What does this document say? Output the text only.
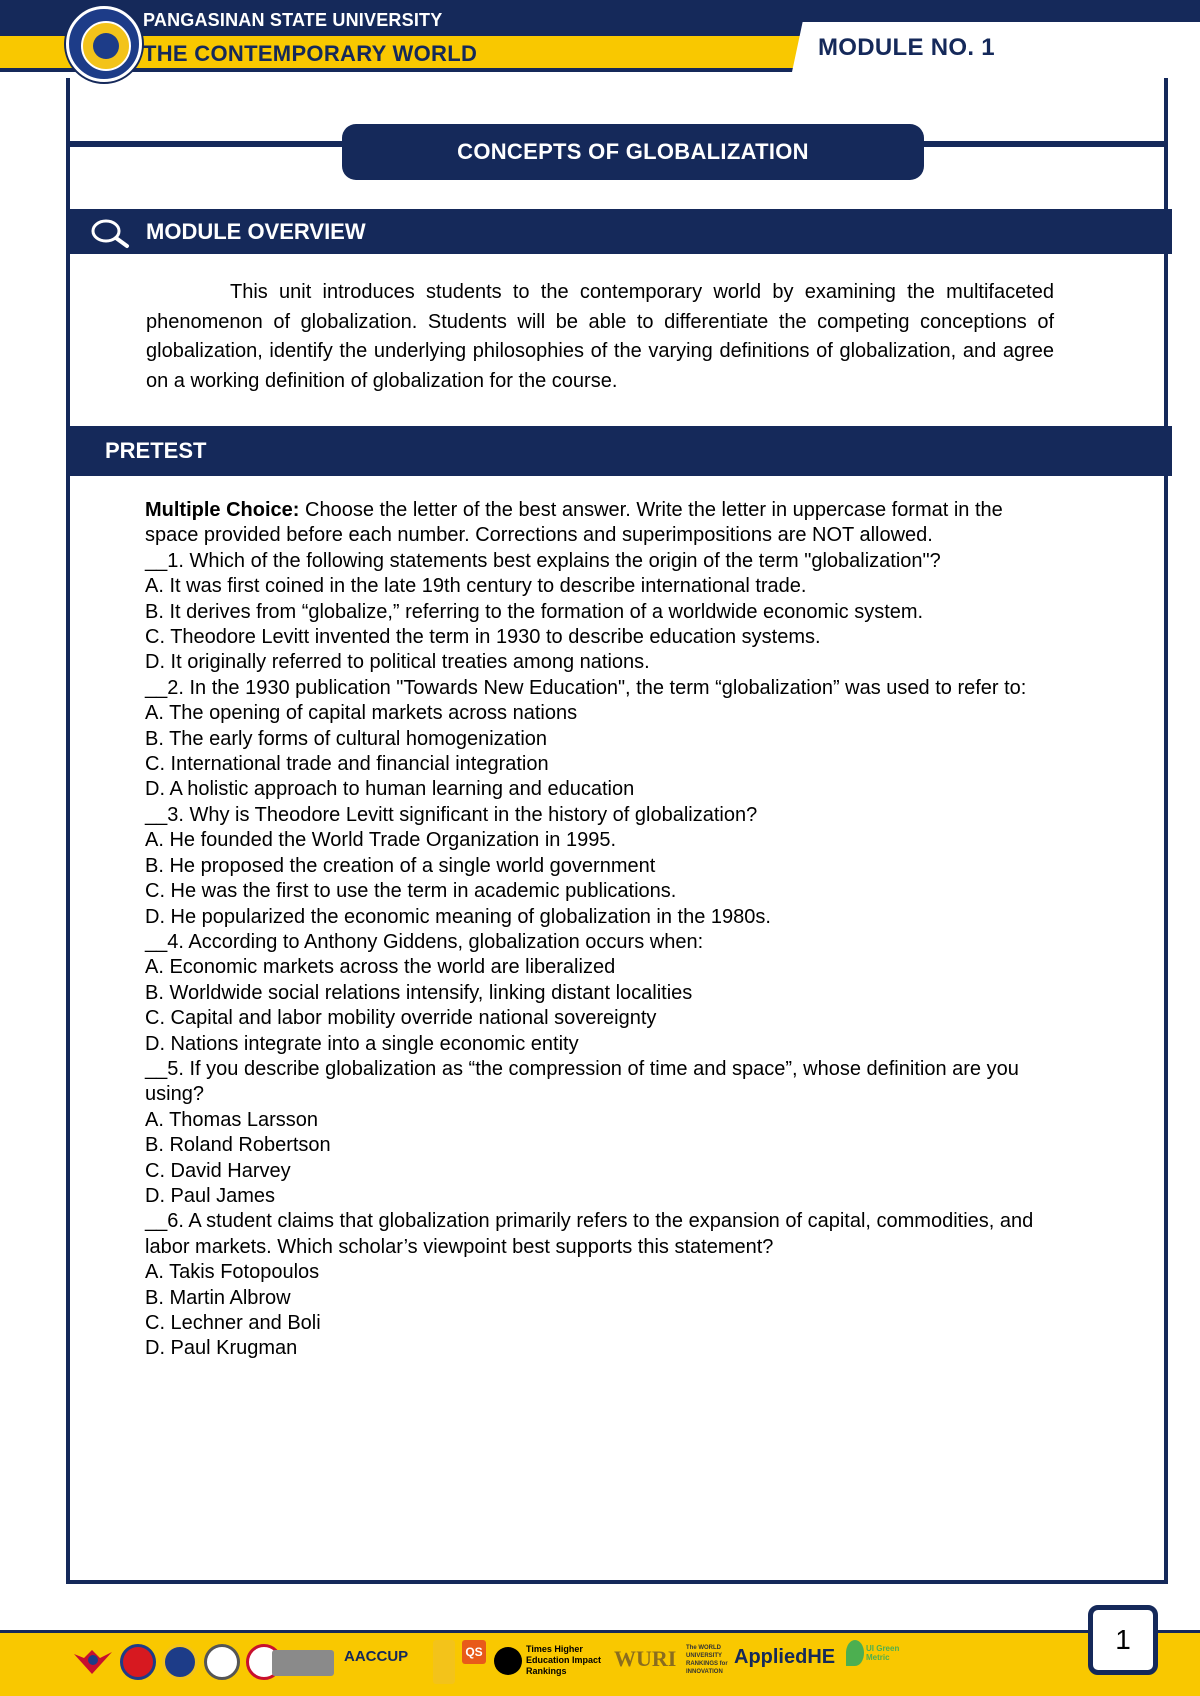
PANGASINAN STATE UNIVERSITY
THE CONTEMPORARY WORLD	MODULE NO. 1
CONCEPTS OF GLOBALIZATION
MODULE OVERVIEW
This unit introduces students to the contemporary world by examining the multifaceted phenomenon of globalization. Students will be able to differentiate the competing conceptions of globalization, identify the underlying philosophies of the varying definitions of globalization, and agree on a working definition of globalization for the course.
PRETEST

Multiple Choice: Choose the letter of the best answer. Write the letter in uppercase format in the space provided before each number. Corrections and superimpositions are NOT allowed.

__1. Which of the following statements best explains the origin of the term "globalization"?

A. It was first coined in the late 19th century to describe international trade.

B. It derives from “globalize,” referring to the formation of a worldwide economic system.

C. Theodore Levitt invented the term in 1930 to describe education systems.

D. It originally referred to political treaties among nations.

__2. In the 1930 publication "Towards New Education", the term “globalization” was used to refer to:

A. The opening of capital markets across nations

B. The early forms of cultural homogenization

C. International trade and financial integration

D. A holistic approach to human learning and education

__3. Why is Theodore Levitt significant in the history of globalization?

A. He founded the World Trade Organization in 1995.

B. He proposed the creation of a single world government

C. He was the first to use the term in academic publications.

D. He popularized the economic meaning of globalization in the 1980s.

__4. According to Anthony Giddens, globalization occurs when:

A. Economic markets across the world are liberalized

B. Worldwide social relations intensify, linking distant localities

C. Capital and labor mobility override national sovereignty

D. Nations integrate into a single economic entity

__5. If you describe globalization as “the compression of time and space”, whose definition are you using?

A. Thomas Larsson

B. Roland Robertson

C. David Harvey

D. Paul James

__6. A student claims that globalization primarily refers to the expansion of capital, commodities, and labor markets. Which scholar’s viewpoint best supports this statement?

A. Takis Fotopoulos

B. Martin Albrow

C. Lechner and Boli

D. Paul Krugman

AACCUP	QS	Times Higher Education Impact Rankings	WURI The WORLD UNIVERSITY RANKINGS for INNOVATION
AppliedHE	UI Green Metric
1
